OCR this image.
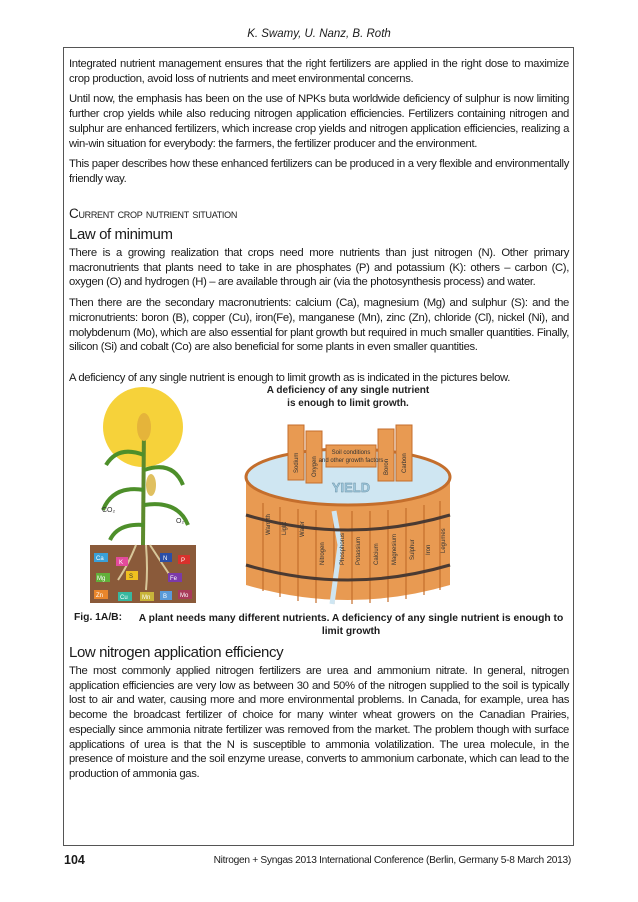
K. Swamy, U. Nanz, B. Roth

Integrated nutrient management ensures that the right fertilizers are applied in the right dose to maximize crop production, avoid loss of nutrients and meet environmental concerns.

Until now, the emphasis has been on the use of NPKs buta worldwide deficiency of sulphur is now limiting further crop yields while also reducing nitrogen application efficiencies. Fertilizers containing nitrogen and sulphur are enhanced fertilizers, which increase crop yields and nitrogen application efficiencies, realizing a win-win situation for everybody: the farmers, the fertilizer producer and the environment.

This paper describes how these enhanced fertilizers can be produced in a very flexible and environmentally friendly way.

Current crop nutrient situation
Law of minimum

There is a growing realization that crops need more nutrients than just nitrogen (N). Other primary macronutrients that plants need to take in are phosphates (P) and potassium (K): others – carbon (C), oxygen (O) and hydrogen (H) – are available through air (via the photosynthesis process) and water.

Then there are the secondary macronutrients: calcium (Ca), magnesium (Mg) and sulphur (S): and the micronutrients: boron (B), copper (Cu), iron(Fe), manganese (Mn), zinc (Zn), chloride (Cl), nickel (Ni), and molybdenum (Mo), which are also essential for plant growth but required in much smaller quantities. Finally, silicon (Si) and cobalt (Co) are also beneficial for some plants in even smaller quantities.

A deficiency of any single nutrient is enough to limit growth as is indicated in the pictures below.

CO₂
O₂
Ca
K
N P
Mg	S	Fe
Zn	Cu Mn B Mo
A deficiency of any single nutrient
is enough to limit growth.
Soil conditions
and other growth factors
YIELD
Warmth Light Water
Nitrogen Phosphorus Potassium Calcium Magnesium Sulphur Iron Legumes
Sodium Oxygen	Boron Carbon
Fig. 1A/B: A plant needs many different nutrients. A deficiency of any single nutrient is enough to limit growth
Low nitrogen application efficiency

The most commonly applied nitrogen fertilizers are urea and ammonium nitrate. In general, nitrogen application efficiencies are very low as between 30 and 50% of the nitrogen supplied to the soil is typically lost to air and water, causing more and more environmental problems. In Canada, for example, urea has become the broadcast fertilizer of choice for many winter wheat growers on the Canadian Prairies, especially since ammonia nitrate fertilizer was removed from the market. The problem though with surface applications of urea is that the N is susceptible to ammonia volatilization. The urea molecule, in the presence of moisture and the soil enzyme urease, converts to ammonium carbonate, which can lead to the production of ammonia gas.

104	Nitrogen + Syngas 2013 International Conference (Berlin, Germany 5-8 March 2013)
